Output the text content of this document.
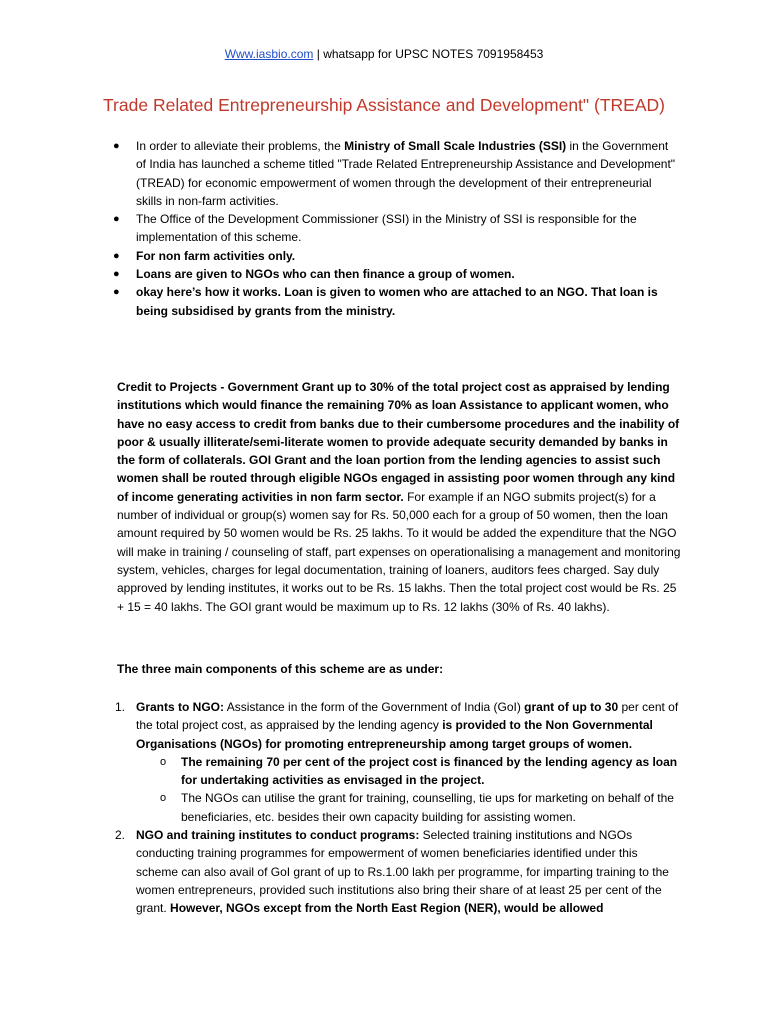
Www.iasbio.com | whatsapp for UPSC NOTES 7091958453
Trade Related Entrepreneurship Assistance and Development" (TREAD)
● In order to alleviate their problems, the Ministry of Small Scale Industries (SSI) in the Government of India has launched a scheme titled "Trade Related Entrepreneurship Assistance and Development" (TREAD) for economic empowerment of women through the development of their entrepreneurial skills in non-farm activities.
● The Office of the Development Commissioner (SSI) in the Ministry of SSI is responsible for the implementation of this scheme.
● For non farm activities only.
● Loans are given to NGOs who can then finance a group of women.
● okay here’s how it works. Loan is given to women who are attached to an NGO. That loan is being subsidised by grants from the ministry.
Credit to Projects - Government Grant up to 30% of the total project cost as appraised by lending institutions which would finance the remaining 70% as loan Assistance to applicant women, who have no easy access to credit from banks due to their cumbersome procedures and the inability of poor & usually illiterate/semi-literate women to provide adequate security demanded by banks in the form of collaterals. GOI Grant and the loan portion from the lending agencies to assist such women shall be routed through eligible NGOs engaged in assisting poor women through any kind of income generating activities in non farm sector. For example if an NGO submits project(s) for a number of individual or group(s) women say for Rs. 50,000 each for a group of 50 women, then the loan amount required by 50 women would be Rs. 25 lakhs. To it would be added the expenditure that the NGO will make in training / counseling of staff, part expenses on operationalising a management and monitoring system, vehicles, charges for legal documentation, training of loaners, auditors fees charged. Say duly approved by lending institutes, it works out to be Rs. 15 lakhs. Then the total project cost would be Rs. 25 + 15 = 40 lakhs. The GOI grant would be maximum up to Rs. 12 lakhs (30% of Rs. 40 lakhs).
The three main components of this scheme are as under:
1. Grants to NGO: Assistance in the form of the Government of India (GoI) grant of up to 30 per cent of the total project cost, as appraised by the lending agency is provided to the Non Governmental Organisations (NGOs) for promoting entrepreneurship among target groups of women.
o The remaining 70 per cent of the project cost is financed by the lending agency as loan for undertaking activities as envisaged in the project.
o The NGOs can utilise the grant for training, counselling, tie ups for marketing on behalf of the beneficiaries, etc. besides their own capacity building for assisting women.
2. NGO and training institutes to conduct programs: Selected training institutions and NGOs conducting training programmes for empowerment of women beneficiaries identified under this scheme can also avail of GoI grant of up to Rs.1.00 lakh per programme, for imparting training to the women entrepreneurs, provided such institutions also bring their share of at least 25 per cent of the grant. However, NGOs except from the North East Region (NER), would be allowed
